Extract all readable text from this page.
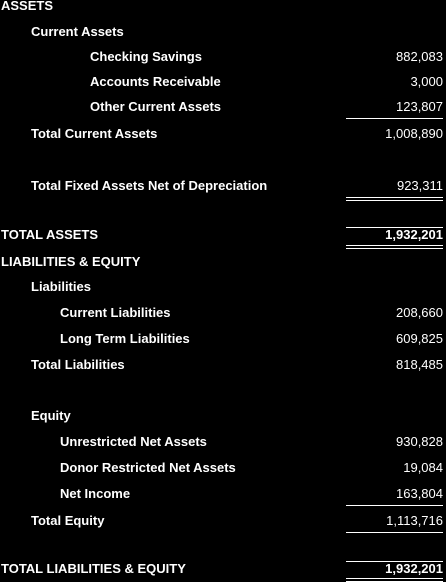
ASSETS
Current Assets
Checking Savings	882,083
Accounts Receivable	3,000
Other Current Assets	123,807
Total Current Assets	1,008,890
Total Fixed Assets Net of Depreciation	923,311
TOTAL ASSETS	1,932,201
LIABILITIES & EQUITY
Liabilities
Current Liabilities	208,660
Long Term Liabilities	609,825
Total Liabilities	818,485
Equity
Unrestricted Net Assets	930,828
Donor Restricted Net Assets	19,084
Net Income	163,804
Total Equity	1,113,716
TOTAL LIABILITIES & EQUITY	1,932,201
